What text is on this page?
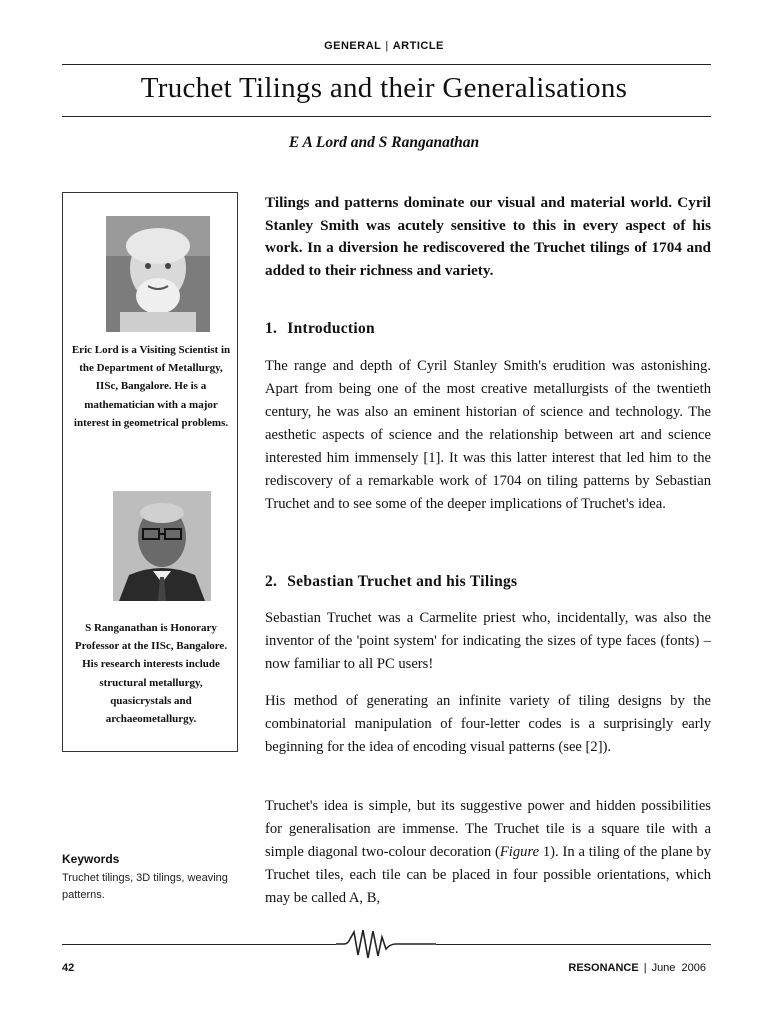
GENERAL | ARTICLE
Truchet Tilings and their Generalisations
E A Lord and S Ranganathan
Eric Lord is a Visiting Scientist in the Department of Metallurgy, IISc, Bangalore. He is a mathematician with a major interest in geometrical problems.
S Ranganathan is Honorary Professor at the IISc, Bangalore. His research interests include structural metallurgy, quasicrystals and archaeometallurgy.
Keywords
Truchet tilings, 3D tilings, weaving patterns.
Tilings and patterns dominate our visual and material world. Cyril Stanley Smith was acutely sensitive to this in every aspect of his work. In a diversion he rediscovered the Truchet tilings of 1704 and added to their richness and variety.
1. Introduction
The range and depth of Cyril Stanley Smith's erudition was astonishing. Apart from being one of the most creative metallurgists of the twentieth century, he was also an eminent historian of science and technology. The aesthetic aspects of science and the relationship between art and science interested him immensely [1]. It was this latter interest that led him to the rediscovery of a remarkable work of 1704 on tiling patterns by Sebastian Truchet and to see some of the deeper implications of Truchet's idea.
2. Sebastian Truchet and his Tilings
Sebastian Truchet was a Carmelite priest who, incidentally, was also the inventor of the 'point system' for indicating the sizes of type faces (fonts) – now familiar to all PC users!
His method of generating an infinite variety of tiling designs by the combinatorial manipulation of four-letter codes is a surprisingly early beginning for the idea of encoding visual patterns (see [2]).
Truchet's idea is simple, but its suggestive power and hidden possibilities for generalisation are immense. The Truchet tile is a square tile with a simple diagonal two-colour decoration (Figure 1). In a tiling of the plane by Truchet tiles, each tile can be placed in four possible orientations, which may be called A, B,
42	RESONANCE | June  2006
